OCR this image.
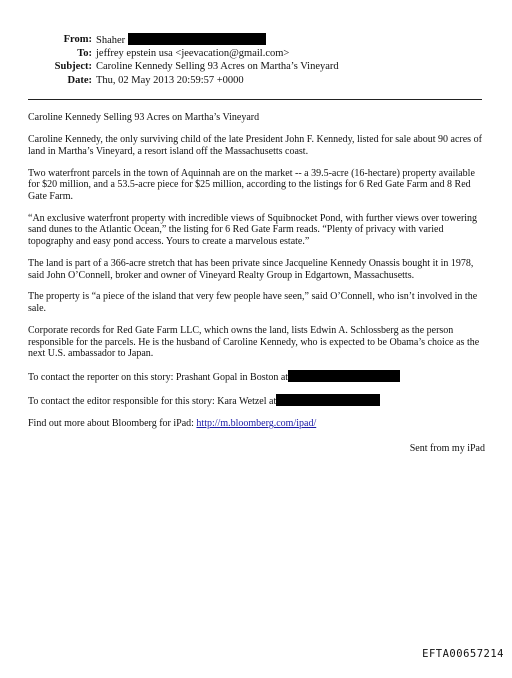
From: Shaher
To: jeffrey epstein usa <jeevacation@gmail.com>
Subject: Caroline Kennedy Selling 93 Acres on Martha’s Vineyard
Date: Thu, 02 May 2013 20:59:57 +0000

Caroline Kennedy Selling 93 Acres on Martha’s Vineyard

Caroline Kennedy, the only surviving child of the late President John F. Kennedy, listed for sale about 90 acres of land in Martha’s Vineyard, a resort island off the Massachusetts coast.

Two waterfront parcels in the town of Aquinnah are on the market -- a 39.5-acre (16-hectare) property available for $20 million, and a 53.5-acre piece for $25 million, according to the listings for 6 Red Gate Farm and 8 Red Gate Farm.

“An exclusive waterfront property with incredible views of Squibnocket Pond, with further views over towering sand dunes to the Atlantic Ocean,” the listing for 6 Red Gate Farm reads. “Plenty of privacy with varied topography and easy pond access. Yours to create a marvelous estate.”

The land is part of a 366-acre stretch that has been private since Jacqueline Kennedy Onassis bought it in 1978, said John O’Connell, broker and owner of Vineyard Realty Group in Edgartown, Massachusetts.

The property is “a piece of the island that very few people have seen,” said O’Connell, who isn’t involved in the sale.

Corporate records for Red Gate Farm LLC, which owns the land, lists Edwin A. Schlossberg as the person responsible for the parcels. He is the husband of Caroline Kennedy, who is expected to be Obama’s choice as the next U.S. ambassador to Japan.

To contact the reporter on this story: Prashant Gopal in Boston at

To contact the editor responsible for this story: Kara Wetzel at

Find out more about Bloomberg for iPad: http://m.bloomberg.com/ipad/

Sent from my iPad
EFTA00657214
